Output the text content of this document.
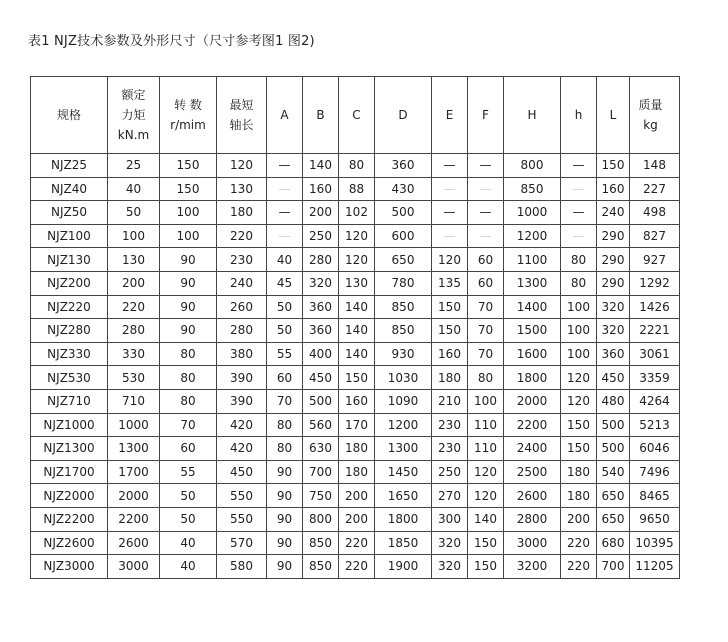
表1 NJZ技术参数及外形尺寸（尺寸参考图1 图2)
规格	额定
力矩
kN.m	转 数
r/mim	最短
轴长	A	B	C	D	E	F	H	h	L	质量
kg

NJZ25	25	150	120	—	140	80	360	—	—	800	—	150	148
NJZ40	40	150	130	—	160	88	430	—	—	850	—	160	227
NJZ50	50	100	180	—	200	102	500	—	—	1000	—	240	498
NJZ100	100	100	220	—	250	120	600	—	—	1200	—	290	827
NJZ130	130	90	230	40	280	120	650	120	60	1100	80	290	927
NJZ200	200	90	240	45	320	130	780	135	60	1300	80	290	1292
NJZ220	220	90	260	50	360	140	850	150	70	1400	100	320	1426
NJZ280	280	90	280	50	360	140	850	150	70	1500	100	320	2221
NJZ330	330	80	380	55	400	140	930	160	70	1600	100	360	3061
NJZ530	530	80	390	60	450	150	1030	180	80	1800	120	450	3359
NJZ710	710	80	390	70	500	160	1090	210	100	2000	120	480	4264
NJZ1000	1000	70	420	80	560	170	1200	230	110	2200	150	500	5213
NJZ1300	1300	60	420	80	630	180	1300	230	110	2400	150	500	6046
NJZ1700	1700	55	450	90	700	180	1450	250	120	2500	180	540	7496
NJZ2000	2000	50	550	90	750	200	1650	270	120	2600	180	650	8465
NJZ2200	2200	50	550	90	800	200	1800	300	140	2800	200	650	9650
NJZ2600	2600	40	570	90	850	220	1850	320	150	3000	220	680	10395
NJZ3000	3000	40	580	90	850	220	1900	320	150	3200	220	700	11205
